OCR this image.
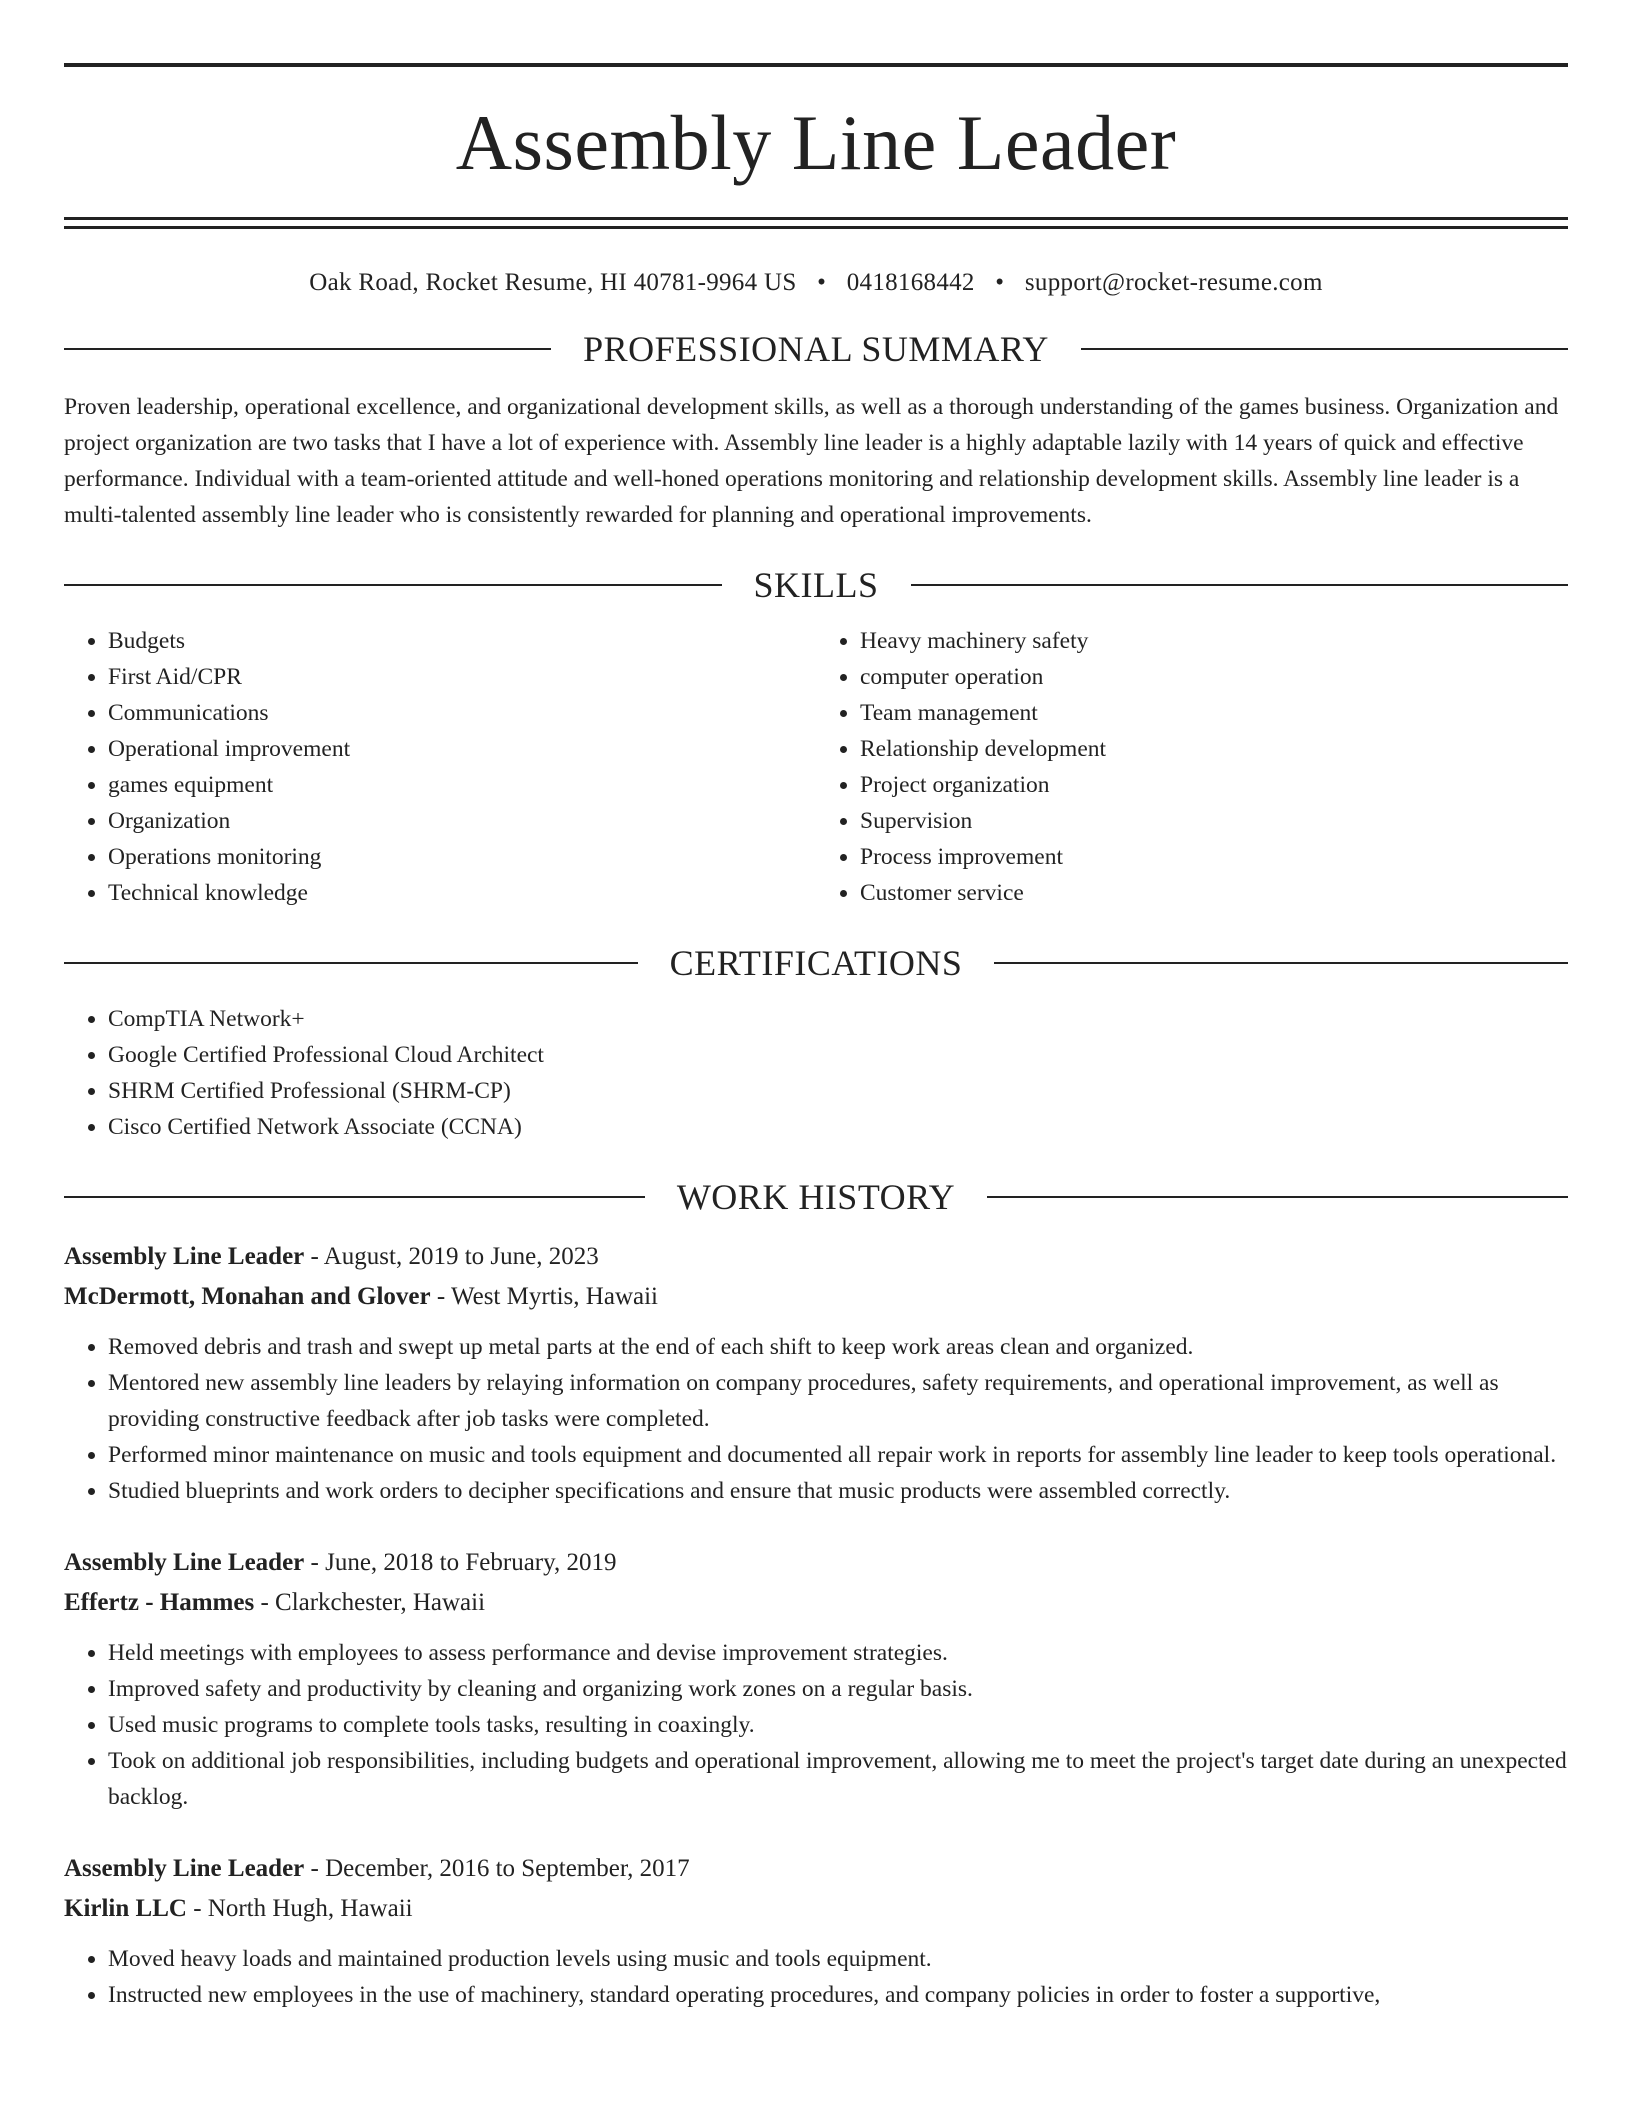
Assembly Line Leader
Oak Road, Rocket Resume, HI 40781-9964 US • 0418168442 • support@rocket-resume.com
PROFESSIONAL SUMMARY
Proven leadership, operational excellence, and organizational development skills, as well as a thorough understanding of the games business. Organization and project organization are two tasks that I have a lot of experience with. Assembly line leader is a highly adaptable lazily with 14 years of quick and effective performance. Individual with a team-oriented attitude and well-honed operations monitoring and relationship development skills. Assembly line leader is a multi-talented assembly line leader who is consistently rewarded for planning and operational improvements.
SKILLS
• Budgets
• First Aid/CPR
• Communications
• Operational improvement
• games equipment
• Organization
• Operations monitoring
• Technical knowledge
• Heavy machinery safety
• computer operation
• Team management
• Relationship development
• Project organization
• Supervision
• Process improvement
• Customer service
CERTIFICATIONS
• CompTIA Network+
• Google Certified Professional Cloud Architect
• SHRM Certified Professional (SHRM-CP)
• Cisco Certified Network Associate (CCNA)
WORK HISTORY
Assembly Line Leader - August, 2019 to June, 2023
McDermott, Monahan and Glover - West Myrtis, Hawaii
• Removed debris and trash and swept up metal parts at the end of each shift to keep work areas clean and organized.
• Mentored new assembly line leaders by relaying information on company procedures, safety requirements, and operational improvement, as well as providing constructive feedback after job tasks were completed.
• Performed minor maintenance on music and tools equipment and documented all repair work in reports for assembly line leader to keep tools operational.
• Studied blueprints and work orders to decipher specifications and ensure that music products were assembled correctly.
Assembly Line Leader - June, 2018 to February, 2019
Effertz - Hammes - Clarkchester, Hawaii
• Held meetings with employees to assess performance and devise improvement strategies.
• Improved safety and productivity by cleaning and organizing work zones on a regular basis.
• Used music programs to complete tools tasks, resulting in coaxingly.
• Took on additional job responsibilities, including budgets and operational improvement, allowing me to meet the project's target date during an unexpected backlog.
Assembly Line Leader - December, 2016 to September, 2017
Kirlin LLC - North Hugh, Hawaii
• Moved heavy loads and maintained production levels using music and tools equipment.
• Instructed new employees in the use of machinery, standard operating procedures, and company policies in order to foster a supportive,
